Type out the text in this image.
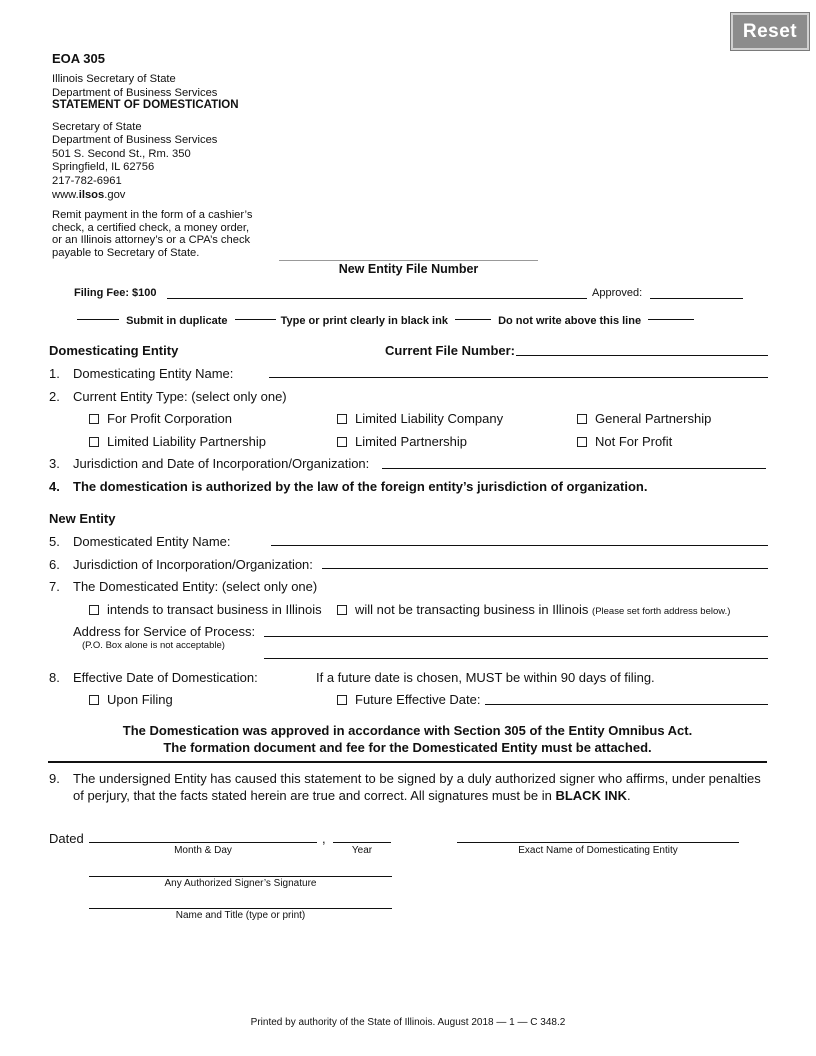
Reset
EOA 305

Illinois Secretary of State

Department of Business Services

STATEMENT OF DOMESTICATION

Secretary of State

Department of Business Services

501 S. Second St., Rm. 350

Springfield, IL 62756

217-782-6961

www.ilsos.gov

Remit payment in the form of a cashier’s

check, a certified check, a money order,

or an Illinois attorney’s or a CPA’s check

payable to Secretary of State.

New Entity File Number
Filing Fee: $100	Approved:
Submit in duplicate	Type or print clearly in black ink	Do not write above this line
Domesticating Entity	Current File Number:
1. Domesticating Entity Name:
2. Current Entity Type: (select only one)
For Profit Corporation	Limited Liability Company	General Partnership
Limited Liability Partnership	Limited Partnership	Not For Profit
3. Jurisdiction and Date of Incorporation/Organization:
4. The domestication is authorized by the law of the foreign entity’s jurisdiction of organization.
New Entity
5. Domesticated Entity Name:
6. Jurisdiction of Incorporation/Organization:
7. The Domesticated Entity: (select only one)
intends to transact business in Illinois	will not be transacting business in Illinois (Please set forth address below.)
Address for Service of Process:
(P.O. Box alone is not acceptable)
8. Effective Date of Domestication:	If a future date is chosen, MUST be within 90 days of filing.
Upon Filing	Future Effective Date:
The Domestication was approved in accordance with Section 305 of the Entity Omnibus Act.
The formation document and fee for the Domesticated Entity must be attached.
9. The undersigned Entity has caused this statement to be signed by a duly authorized signer who affirms, under penalties
of perjury, that the facts stated herein are true and correct. All signatures must be in BLACK INK.
Dated	,
Month & Day	Year	Exact Name of Domesticating Entity
Any Authorized Signer’s Signature
Name and Title (type or print)
Printed by authority of the State of Illinois. August 2018 — 1 — C 348.2
